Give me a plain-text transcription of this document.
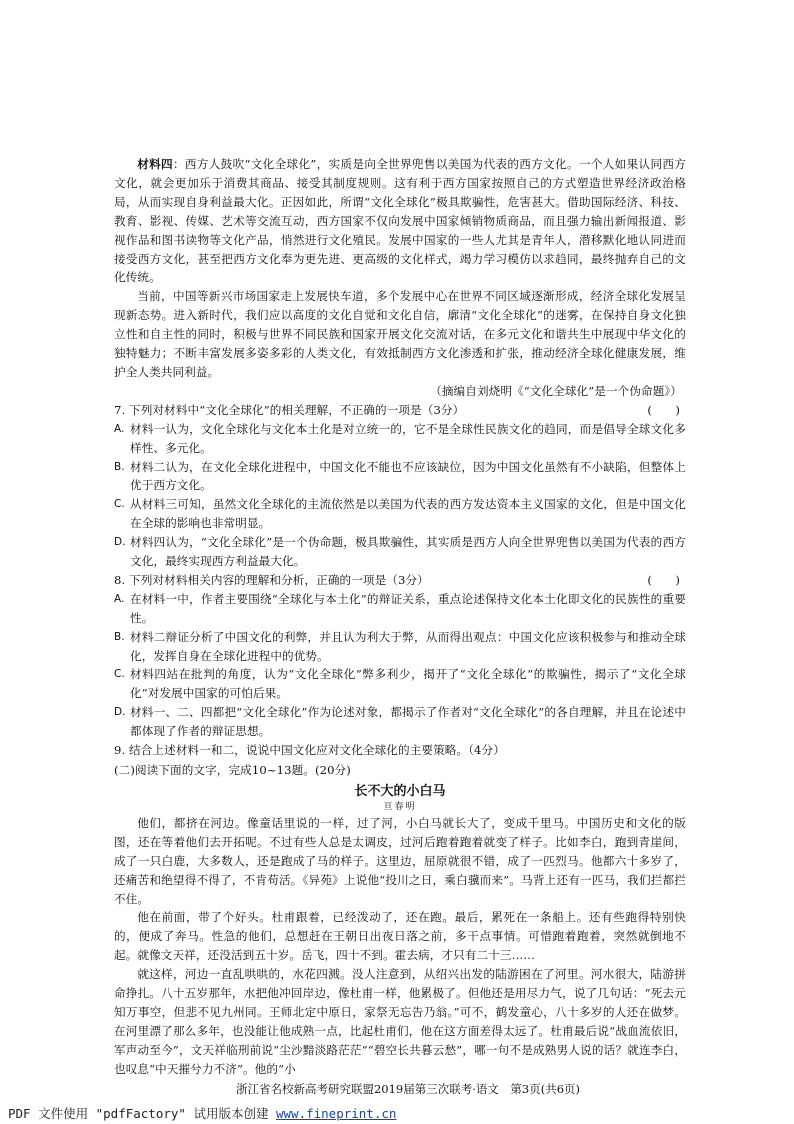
材料四：西方人鼓吹“文化全球化”，实质是向全世界兜售以美国为代表的西方文化。一个人如果认同西方文化，就会更加乐于消费其商品、接受其制度规则。这有利于西方国家按照自己的方式塑造世界经济政治格局，从而实现自身利益最大化。正因如此，所谓“文化全球化”极具欺骗性，危害甚大。借助国际经济、科技、教育、影视、传媒、艺术等交流互动，西方国家不仅向发展中国家倾销物质商品，而且强力输出新闻报道、影视作品和图书读物等文化产品，悄然进行文化殖民。发展中国家的一些人尤其是青年人，潜移默化地认同进而接受西方文化，甚至把西方文化奉为更先进、更高级的文化样式，竭力学习模仿以求趋同，最终抛弃自己的文化传统。

当前，中国等新兴市场国家走上发展快车道，多个发展中心在世界不同区域逐渐形成，经济全球化发展呈现新态势。进入新时代，我们应以高度的文化自觉和文化自信，廓清“文化全球化”的迷雾，在保持自身文化独立性和自主性的同时，积极与世界不同民族和国家开展文化交流对话，在多元文化和谐共生中展现中华文化的独特魅力；不断丰富发展多姿多彩的人类文化，有效抵制西方文化渗透和扩张，推动经济全球化健康发展，维护全人类共同利益。

（摘编自刘烧明《“文化全球化”是一个伪命题》）

7. 下列对材料中“文化全球化”的相关理解，不正确的一项是（3分）	(　　)

A. 材料一认为，文化全球化与文化本土化是对立统一的，它不是全球性民族文化的趋同，而是倡导全球文化多样性、多元化。

B. 材料二认为，在文化全球化进程中，中国文化不能也不应该缺位，因为中国文化虽然有不小缺陷，但整体上优于西方文化。

C. 从材料三可知，虽然文化全球化的主流依然是以美国为代表的西方发达资本主义国家的文化，但是中国文化在全球的影响也非常明显。

D. 材料四认为，“文化全球化”是一个伪命题，极具欺骗性，其实质是西方人向全世界兜售以美国为代表的西方文化，最终实现西方利益最大化。

8. 下列对材料相关内容的理解和分析，正确的一项是（3分）	(　　)

A. 在材料一中，作者主要围绕“全球化与本土化”的辩证关系，重点论述保持文化本土化即文化的民族性的重要性。

B. 材料二辩证分析了中国文化的利弊，并且认为利大于弊，从而得出观点：中国文化应该积极参与和推动全球化，发挥自身在全球化进程中的优势。

C. 材料四站在批判的角度，认为“文化全球化”弊多利少，揭开了“文化全球化”的欺骗性，揭示了“文化全球化”对发展中国家的可怕后果。

D. 材料一、二、四都把“文化全球化”作为论述对象，都揭示了作者对“文化全球化”的各自理解，并且在论述中都体现了作者的辩证思想。

9. 结合上述材料一和二，说说中国文化应对文化全球化的主要策略。（4分）

(二)阅读下面的文字，完成10~13题。(20分)

长不大的小白马
亘春明

他们，都挤在河边。像童话里说的一样，过了河，小白马就长大了，变成千里马。中国历史和文化的版图，还在等着他们去开拓呢。不过有些人总是太调皮，过河后跑着跑着就变了样子。比如李白，跑到青崖间，成了一只白鹿，大多数人，还是跑成了马的样子。这里边，屈原就很不错，成了一匹烈马。他都六十多岁了，还痛苦和绝望得不得了，不肯苟活。《异苑》上说他“投川之日，乘白骥而来”。马背上还有一匹马，我们拦都拦不住。

他在前面，带了个好头。杜甫跟着，已经泼动了，还在跑。最后，累死在一条船上。还有些跑得特别快的，便成了奔马。性急的他们，总想赶在王朝日出夜日落之前，多干点事情。可惜跑着跑着，突然就倒地不起。就像文天祥，还没活到五十岁。岳飞，四十不到。霍去病，才只有二十三……

就这样，河边一直乱哄哄的，水花四溅。没人注意到，从绍兴出发的陆游困在了河里。河水很大，陆游拼命挣扎。八十五岁那年，水把他冲回岸边，像杜甫一样，他累极了。但他还是用尽力气，说了几句话：“死去元知万事空，但悲不见九州同。王师北定中原日，家祭无忘告乃翁。”可不，鹤发童心，八十多岁的人还在做梦。在河里漂了那么多年，也没能让他成熟一点，比起杜甫们，他在这方面差得太远了。杜甫最后说“战血流依旧，军声动至今”，文天祥临刑前说“尘沙黯淡路茫茫”“碧空长共暮云愁”，哪一句不是成熟男人说的话？就连李白，也叹息“中天摧兮力不济”。他的“小

浙江省名校新高考研究联盟2019届第三次联考·语文　第3页(共6页)
PDF 文件使用 "pdfFactory" 试用版本创建 www.fineprint.cn
